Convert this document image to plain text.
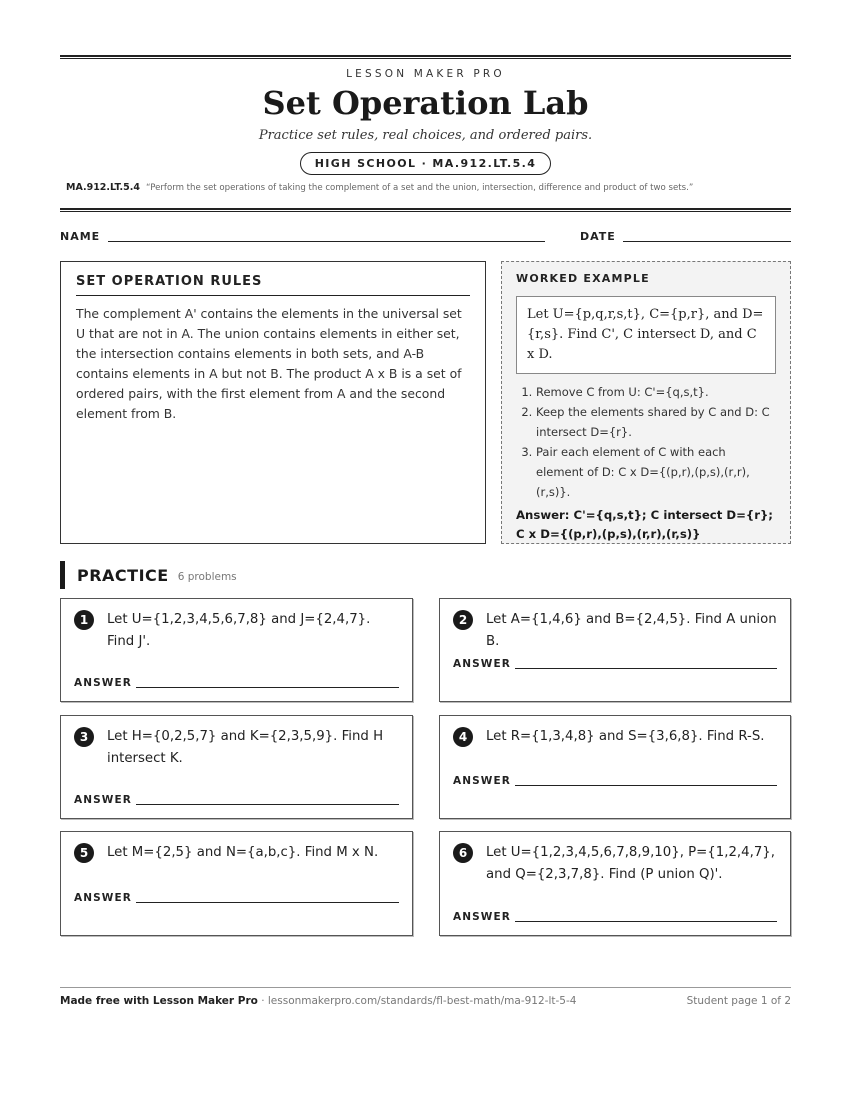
LESSON MAKER PRO
Set Operation Lab
Practice set rules, real choices, and ordered pairs.
HIGH SCHOOL · MA.912.LT.5.4
MA.912.LT.5.4 “Perform the set operations of taking the complement of a set and the union, intersection, difference and product of two sets.”
NAME	DATE
SET OPERATION RULES
The complement A' contains the elements in the universal set U that are not in A. The union contains elements in either set, the intersection contains elements in both sets, and A-B contains elements in A but not B. The product A x B is a set of ordered pairs, with the first element from A and the second element from B.
WORKED EXAMPLE
Let U={p,q,r,s,t}, C={p,r}, and D={r,s}. Find C', C intersect D, and C x D.
1. Remove C from U: C'={q,s,t}.
2. Keep the elements shared by C and D: C intersect D={r}.
3. Pair each element of C with each element of D: C x D={(p,r),(p,s),(r,r),(r,s)}.
Answer: C'={q,s,t}; C intersect D={r}; C x D={(p,r),(p,s),(r,r),(r,s)}
PRACTICE 6 problems
1	Let U={1,2,3,4,5,6,7,8} and J={2,4,7}. Find J'.
ANSWER
2	Let A={1,4,6} and B={2,4,5}. Find A union B.
ANSWER
3	Let H={0,2,5,7} and K={2,3,5,9}. Find H intersect K.
ANSWER
4	Let R={1,3,4,8} and S={3,6,8}. Find R-S.
ANSWER
5	Let M={2,5} and N={a,b,c}. Find M x N.
ANSWER
6	Let U={1,2,3,4,5,6,7,8,9,10}, P={1,2,4,7}, and Q={2,3,7,8}. Find (P union Q)'.
ANSWER
Made free with Lesson Maker Pro · lessonmakerpro.com/standards/fl-best-math/ma-912-lt-5-4	Student page 1 of 2
